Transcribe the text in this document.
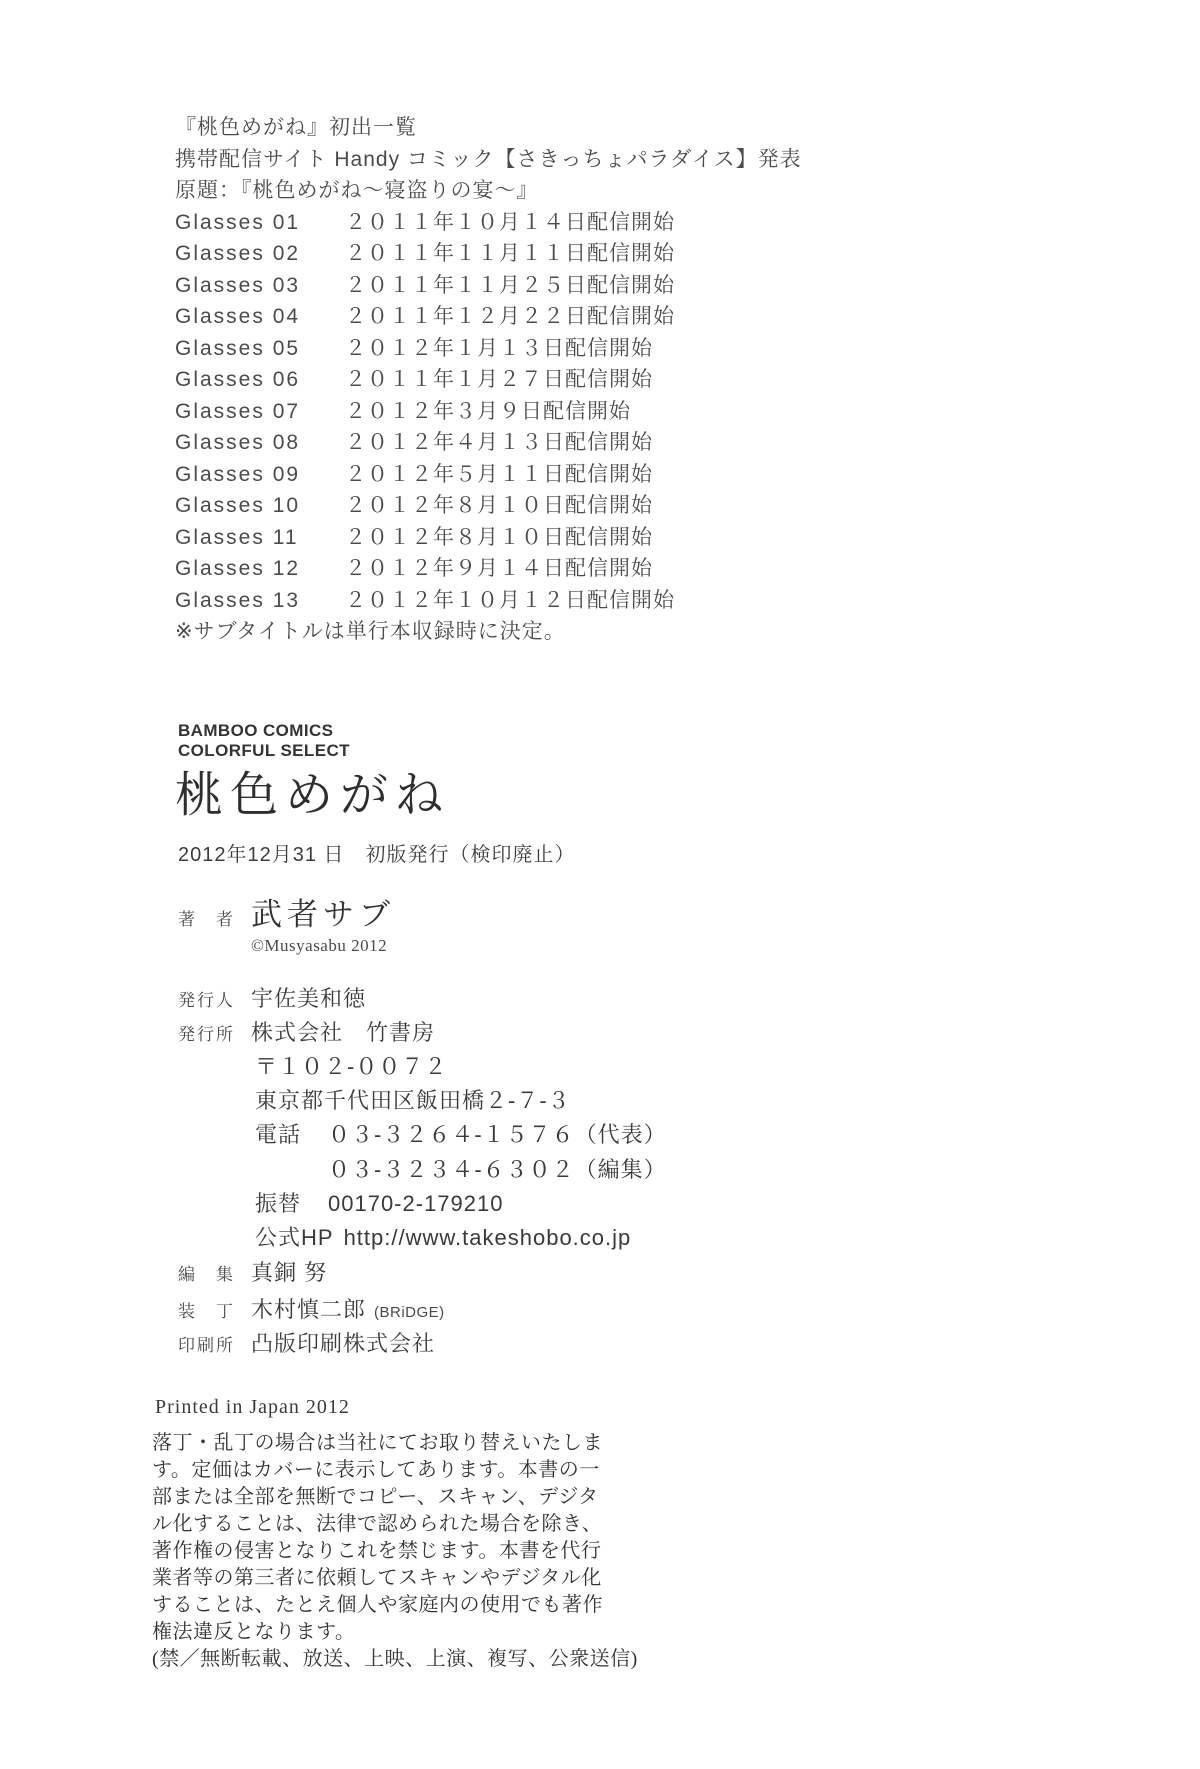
『桃色めがね』初出一覧
携帯配信サイト Handy コミック【さきっちょパラダイス】発表
原題：『桃色めがね〜寝盗りの宴〜』
Glasses 01	２０１１年１０月１４日配信開始
Glasses 02	２０１１年１１月１１日配信開始
Glasses 03	２０１１年１１月２５日配信開始
Glasses 04	２０１１年１２月２２日配信開始
Glasses 05	２０１２年１月１３日配信開始
Glasses 06	２０１１年１月２７日配信開始
Glasses 07	２０１２年３月９日配信開始
Glasses 08	２０１２年４月１３日配信開始
Glasses 09	２０１２年５月１１日配信開始
Glasses 10	２０１２年８月１０日配信開始
Glasses 11	２０１２年８月１０日配信開始
Glasses 12	２０１２年９月１４日配信開始
Glasses 13	２０１２年１０月１２日配信開始
※サブタイトルは単行本収録時に決定。
BAMBOO COMICS
COLORFUL SELECT
桃色めがね
2012年12月31 日　初版発行（検印廃止）
著　者 武者サブ
©Musyasabu 2012
発行人 宇佐美和徳
発行所 株式会社　竹書房
〒１０２-００７２
東京都千代田区飯田橋２-７-３
電話	０３-３２６４-１５７６（代表）
０３-３２３４-６３０２（編集）
振替	00170-2-179210
公式HP http://www.takeshobo.co.jp
編　集 真銅 努
装　丁 木村慎二郎 (BRiDGE)
印刷所 凸版印刷株式会社
Printed in Japan 2012
落丁・乱丁の場合は当社にてお取り替えいたしま
す。定価はカバーに表示してあります。本書の一
部または全部を無断でコピー、スキャン、デジタ
ル化することは、法律で認められた場合を除き、
著作権の侵害となりこれを禁じます。本書を代行
業者等の第三者に依頼してスキャンやデジタル化
することは、たとえ個人や家庭内の使用でも著作
権法違反となります。
(禁／無断転載、放送、上映、上演、複写、公衆送信)
